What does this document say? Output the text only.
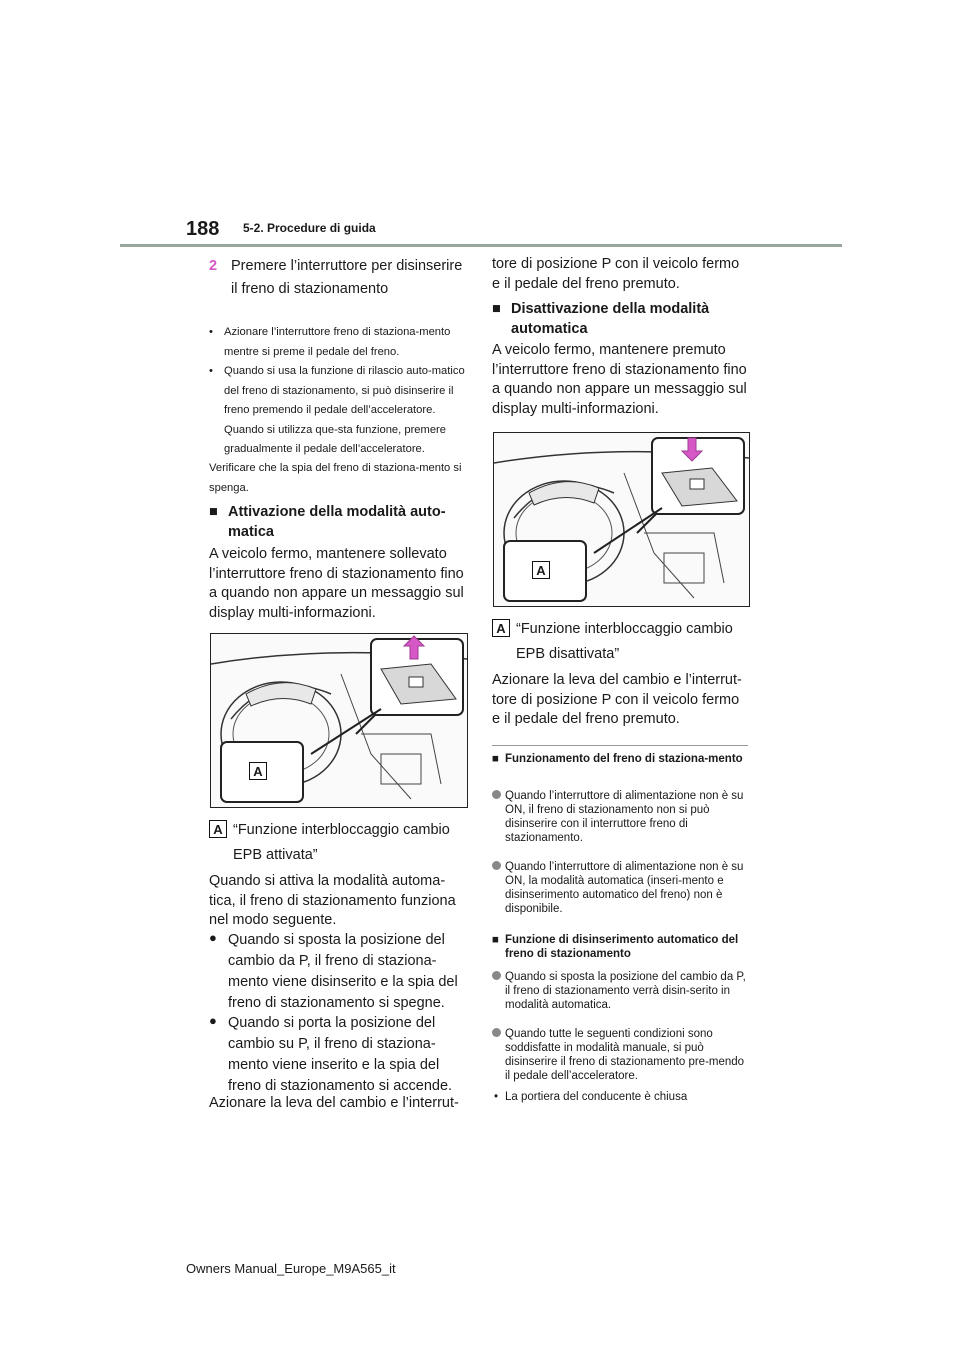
188 5-2. Procedure di guida
2 Premere l’interruttore per disinserire il freno di stazionamento
• Azionare l’interruttore freno di staziona-mento mentre si preme il pedale del freno.
• Quando si usa la funzione di rilascio auto-matico del freno di stazionamento, si può disinserire il freno premendo il pedale dell’acceleratore. Quando si utilizza que-sta funzione, premere gradualmente il pedale dell’acceleratore.
Verificare che la spia del freno di staziona-mento si spenga.
■ Attivazione della modalità auto-matica
A veicolo fermo, mantenere sollevato l’interruttore freno di stazionamento fino a quando non appare un messaggio sul display multi-informazioni.
A
A “Funzione interbloccaggio cambio EPB attivata”
Quando si attiva la modalità automa-tica, il freno di stazionamento funziona nel modo seguente.
● Quando si sposta la posizione del cambio da P, il freno di staziona-mento viene disinserito e la spia del freno di stazionamento si spegne.
● Quando si porta la posizione del cambio su P, il freno di staziona-mento viene inserito e la spia del freno di stazionamento si accende.
Azionare la leva del cambio e l’interrut-
tore di posizione P con il veicolo fermo e il pedale del freno premuto.
■ Disattivazione della modalità automatica
A veicolo fermo, mantenere premuto l’interruttore freno di stazionamento fino a quando non appare un messaggio sul display multi-informazioni.
A
A “Funzione interbloccaggio cambio EPB disattivata”
Azionare la leva del cambio e l’interrut-tore di posizione P con il veicolo fermo e il pedale del freno premuto.
■ Funzionamento del freno di staziona-mento
Quando l’interruttore di alimentazione non è su ON, il freno di stazionamento non si può disinserire con il interruttore freno di stazionamento.
Quando l’interruttore di alimentazione non è su ON, la modalità automatica (inseri-mento e disinserimento automatico del freno) non è disponibile.
■ Funzione di disinserimento automatico del freno di stazionamento
Quando si sposta la posizione del cambio da P, il freno di stazionamento verrà disin-serito in modalità automatica.
Quando tutte le seguenti condizioni sono soddisfatte in modalità manuale, si può disinserire il freno di stazionamento pre-mendo il pedale dell’acceleratore.
• La portiera del conducente è chiusa
Owners Manual_Europe_M9A565_it
